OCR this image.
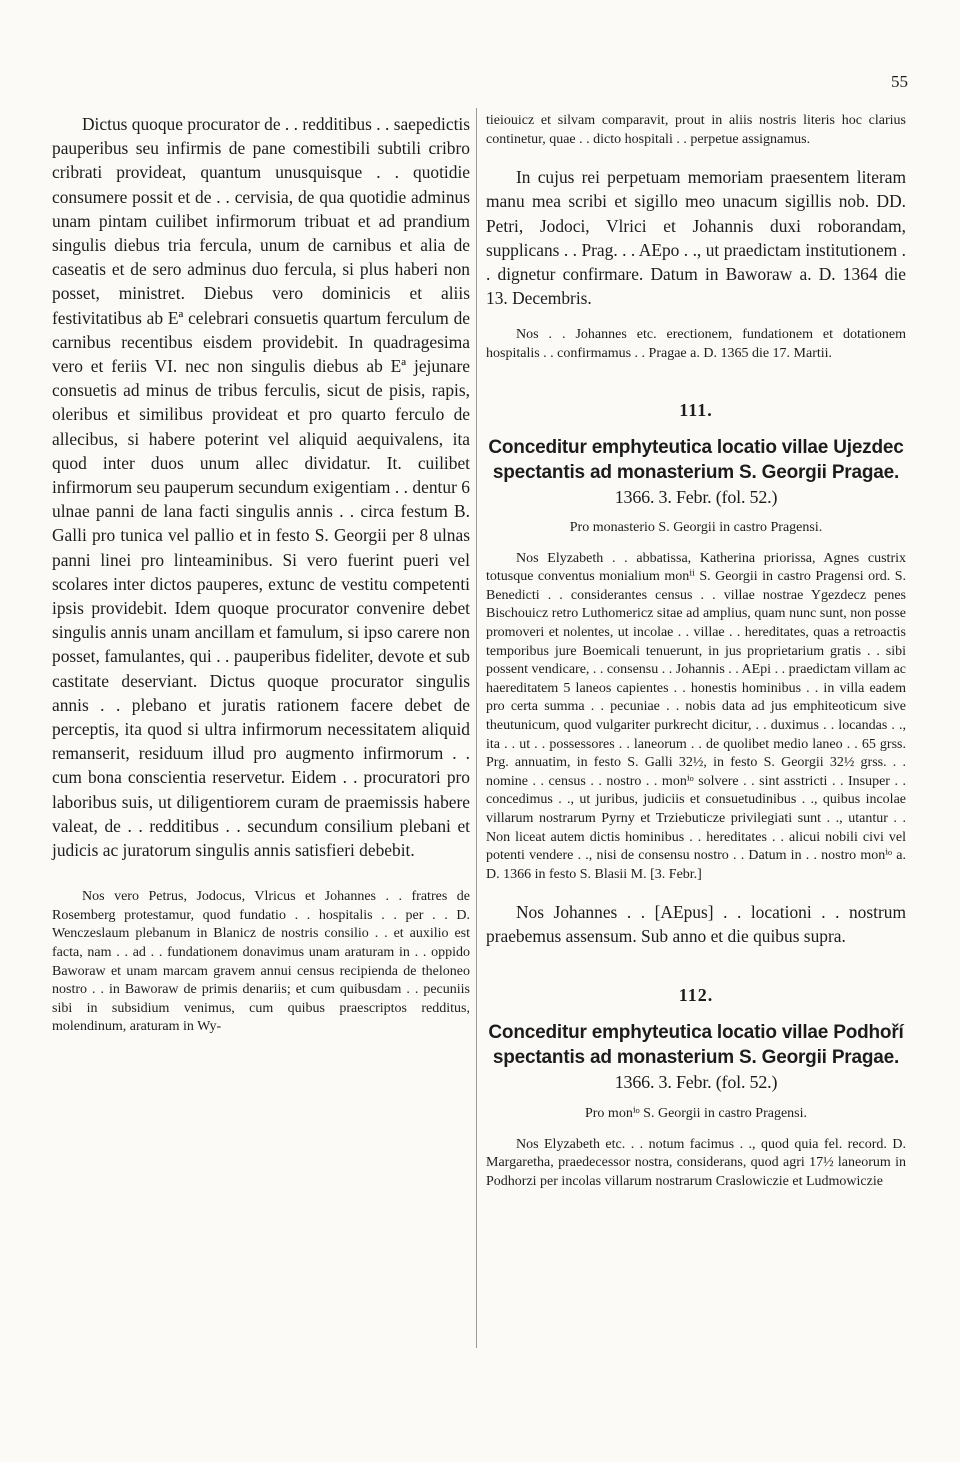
55

Dictus quoque procurator de . . redditibus . . saepedictis pauperibus seu infirmis de pane comestibili subtili cribro cribrati provideat, quantum unusquisque . . quotidie consumere possit et de . . cervisia, de qua quotidie adminus unam pintam cuilibet infirmorum tribuat et ad prandium singulis diebus tria fercula, unum de carnibus et alia de caseatis et de sero adminus duo fercula, si plus haberi non posset, ministret. Diebus vero dominicis et aliis festivitatibus ab Eª celebrari consuetis quartum ferculum de carnibus recentibus eisdem providebit. In quadragesima vero et feriis VI. nec non singulis diebus ab Eª jejunare consuetis ad minus de tribus ferculis, sicut de pisis, rapis, oleribus et similibus provideat et pro quarto ferculo de allecibus, si habere poterint vel aliquid aequivalens, ita quod inter duos unum allec dividatur. It. cuilibet infirmorum seu pauperum secundum exigentiam . . dentur 6 ulnae panni de lana facti singulis annis . . circa festum B. Galli pro tunica vel pallio et in festo S. Georgii per 8 ulnas panni linei pro linteaminibus. Si vero fuerint pueri vel scolares inter dictos pauperes, extunc de vestitu competenti ipsis providebit. Idem quoque procurator convenire debet singulis annis unam ancillam et famulum, si ipso carere non posset, famulantes, qui . . pauperibus fideliter, devote et sub castitate deserviant. Dictus quoque procurator singulis annis . . plebano et juratis rationem facere debet de perceptis, ita quod si ultra infirmorum necessitatem aliquid remanserit, residuum illud pro augmento infirmorum . . cum bona conscientia reservetur. Eidem . . procuratori pro laboribus suis, ut diligentiorem curam de praemissis habere valeat, de . . redditibus . . secundum consilium plebani et judicis ac juratorum singulis annis satisfieri debebit.

Nos vero Petrus, Jodocus, Vlricus et Johannes . . fratres de Rosemberg protestamur, quod fundatio . . hospitalis . . per . . D. Wenczeslaum plebanum in Blanicz de nostris consilio . . et auxilio est facta, nam . . ad . . fundationem donavimus unam araturam in . . oppido Baworaw et unam marcam gravem annui census recipienda de theloneo nostro . . in Baworaw de primis denariis; et cum quibusdam . . pecuniis sibi in subsidium venimus, cum quibus praescriptos redditus, molendinum, araturam in Wy-

tieiouicz et silvam comparavit, prout in aliis nostris literis hoc clarius continetur, quae . . dicto hospitali . . perpetue assignamus.

In cujus rei perpetuam memoriam praesentem literam manu mea scribi et sigillo meo unacum sigillis nob. DD. Petri, Jodoci, Vlrici et Johannis duxi roborandam, supplicans . . Prag. . . AEpo . ., ut praedictam institutionem . . dignetur confirmare. Datum in Baworaw a. D. 1364 die 13. Decembris.

Nos . . Johannes etc. erectionem, fundationem et dotationem hospitalis . . confirmamus . . Pragae a. D. 1365 die 17. Martii.

111.
Conceditur emphyteutica locatio villae Ujezdec spectantis ad monasterium S. Georgii Pragae. 1366. 3. Febr. (fol. 52.)
Pro monasterio S. Georgii in castro Pragensi.

Nos Elyzabeth . . abbatissa, Katherina priorissa, Agnes custrix totusque conventus monialium monⁱⁱ S. Georgii in castro Pragensi ord. S. Benedicti . . considerantes census . . villae nostrae Ygezdecz penes Bischouicz retro Luthomericz sitae ad amplius, quam nunc sunt, non posse promoveri et nolentes, ut incolae . . villae . . hereditates, quas a retroactis temporibus jure Boemicali tenuerunt, in jus proprietarium gratis . . sibi possent vendicare, . . consensu . . Johannis . . AEpi . . praedictam villam ac haereditatem 5 laneos capientes . . honestis hominibus . . in villa eadem pro certa summa . . pecuniae . . nobis data ad jus emphiteoticum sive theutunicum, quod vulgariter purkrecht dicitur, . . duximus . . locandas . ., ita . . ut . . possessores . . laneorum . . de quolibet medio laneo . . 65 grss. Prg. annuatim, in festo S. Galli 32½, in festo S. Georgii 32½ grss. . . nomine . . census . . nostro . . monⁱᵒ solvere . . sint asstricti . . Insuper . . concedimus . ., ut juribus, judiciis et consuetudinibus . ., quibus incolae villarum nostrarum Pyrny et Trziebuticze privilegiati sunt . ., utantur . . Non liceat autem dictis hominibus . . hereditates . . alicui nobili civi vel potenti vendere . ., nisi de consensu nostro . . Datum in . . nostro monⁱᵒ a. D. 1366 in festo S. Blasii M. [3. Febr.]

Nos Johannes . . [AEpus] . . locationi . . nostrum praebemus assensum. Sub anno et die quibus supra.

112.
Conceditur emphyteutica locatio villae Podhoří spectantis ad monasterium S. Georgii Pragae. 1366. 3. Febr. (fol. 52.)
Pro monⁱᵒ S. Georgii in castro Pragensi.

Nos Elyzabeth etc. . . notum facimus . ., quod quia fel. record. D. Margaretha, praedecessor nostra, considerans, quod agri 17½ laneorum in Podhorzi per incolas villarum nostrarum Craslowiczie et Ludmowiczie
